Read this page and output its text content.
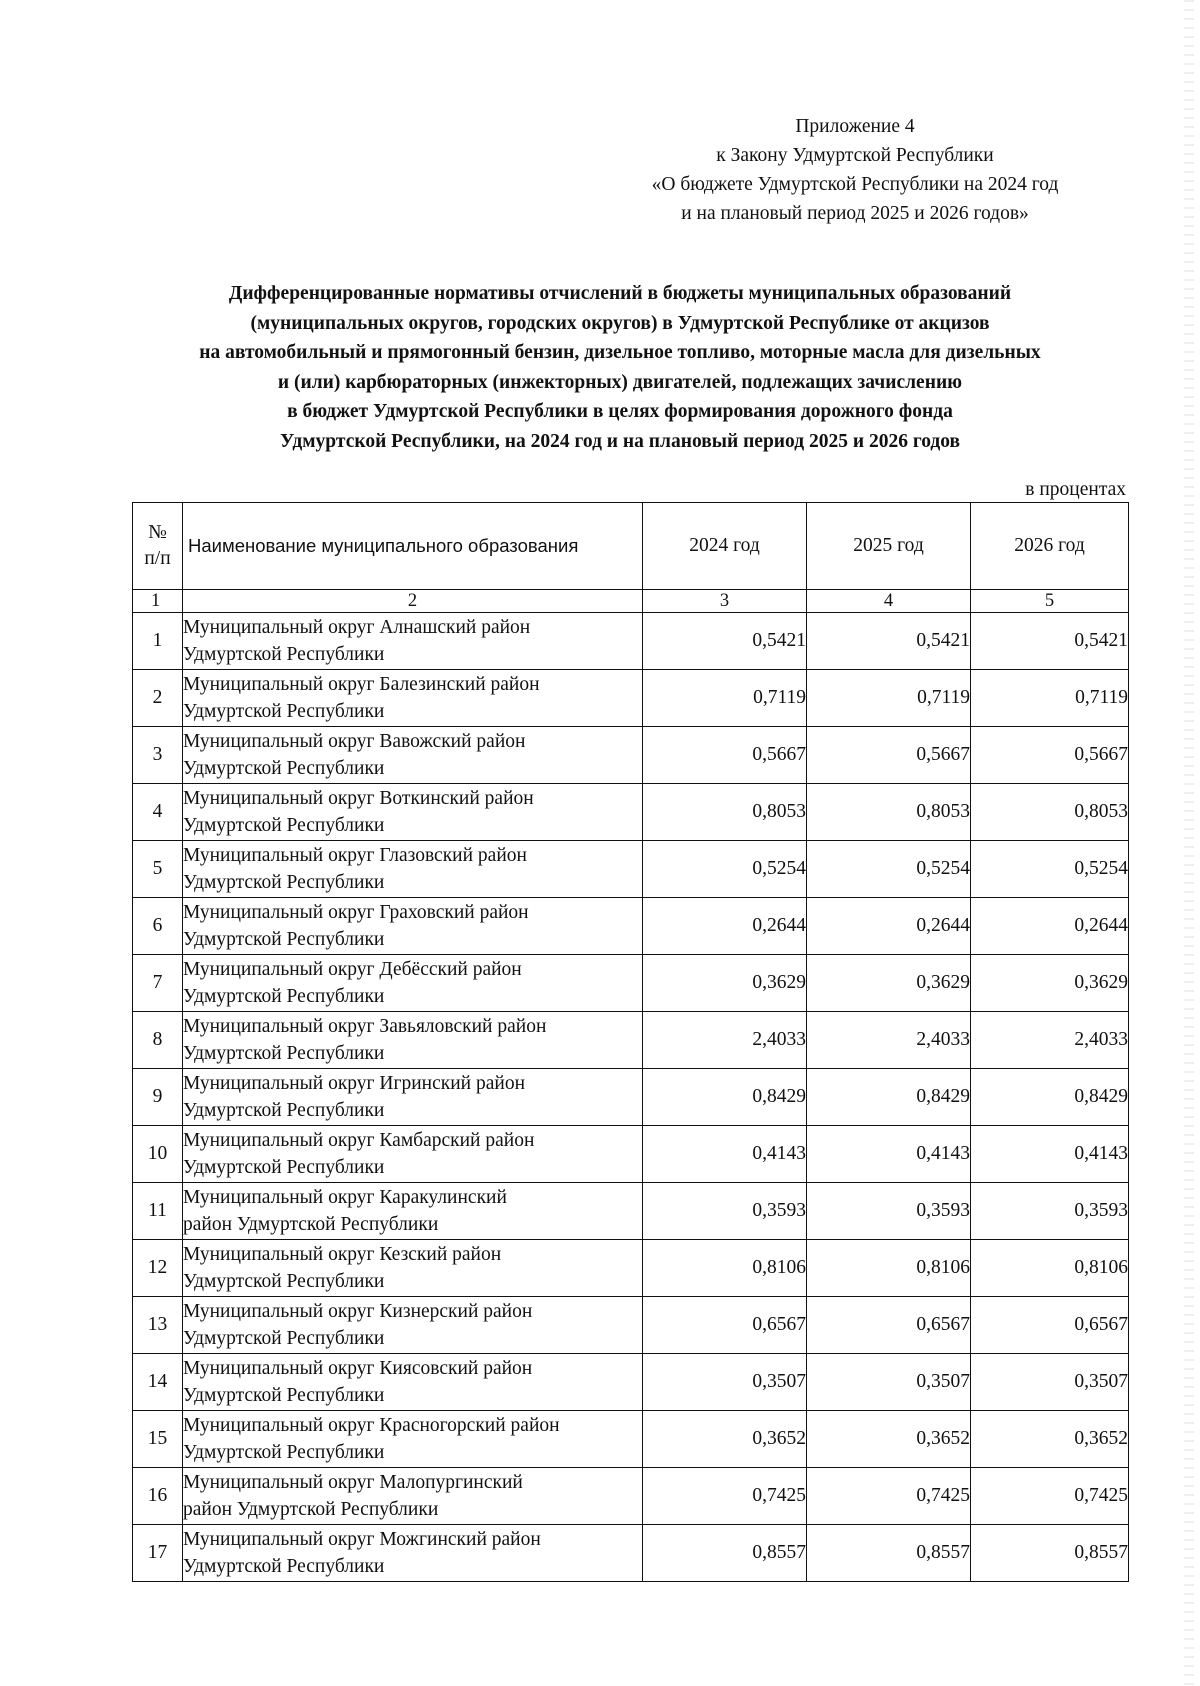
Приложение 4
к Закону Удмуртской Республики
«О бюджете Удмуртской Республики на 2024 год
и на плановый период 2025 и 2026 годов»
Дифференцированные нормативы отчислений в бюджеты муниципальных образований
(муниципальных округов, городских округов) в Удмуртской Республике от акцизов
на автомобильный и прямогонный бензин, дизельное топливо, моторные масла для дизельных
и (или) карбюраторных (инжекторных) двигателей, подлежащих зачислению
в бюджет Удмуртской Республики в целях формирования дорожного фонда
Удмуртской Республики, на 2024 год и на плановый период 2025 и 2026 годов
в процентах
№
п/п	Наименование муниципального образования	2024 год	2025 год	2026 год
1	2	3	4	5
1	Муниципальный округ Алнашский район
Удмуртской Республики	0,5421	0,5421	0,5421
2	Муниципальный округ Балезинский район
Удмуртской Республики	0,7119	0,7119	0,7119
3	Муниципальный округ Вавожский район
Удмуртской Республики	0,5667	0,5667	0,5667
4	Муниципальный округ Воткинский район
Удмуртской Республики	0,8053	0,8053	0,8053
5	Муниципальный округ Глазовский район
Удмуртской Республики	0,5254	0,5254	0,5254
6	Муниципальный округ Граховский район
Удмуртской Республики	0,2644	0,2644	0,2644
7	Муниципальный округ Дебёсский район
Удмуртской Республики	0,3629	0,3629	0,3629
8	Муниципальный округ Завьяловский район
Удмуртской Республики	2,4033	2,4033	2,4033
9	Муниципальный округ Игринский район
Удмуртской Республики	0,8429	0,8429	0,8429
10	Муниципальный округ Камбарский район
Удмуртской Республики	0,4143	0,4143	0,4143
11	Муниципальный округ Каракулинский
район Удмуртской Республики	0,3593	0,3593	0,3593
12	Муниципальный округ Кезский район
Удмуртской Республики	0,8106	0,8106	0,8106
13	Муниципальный округ Кизнерский район
Удмуртской Республики	0,6567	0,6567	0,6567
14	Муниципальный округ Киясовский район
Удмуртской Республики	0,3507	0,3507	0,3507
15	Муниципальный округ Красногорский район
Удмуртской Республики	0,3652	0,3652	0,3652
16	Муниципальный округ Малопургинский
район Удмуртской Республики	0,7425	0,7425	0,7425
17	Муниципальный округ Можгинский район
Удмуртской Республики	0,8557	0,8557	0,8557
